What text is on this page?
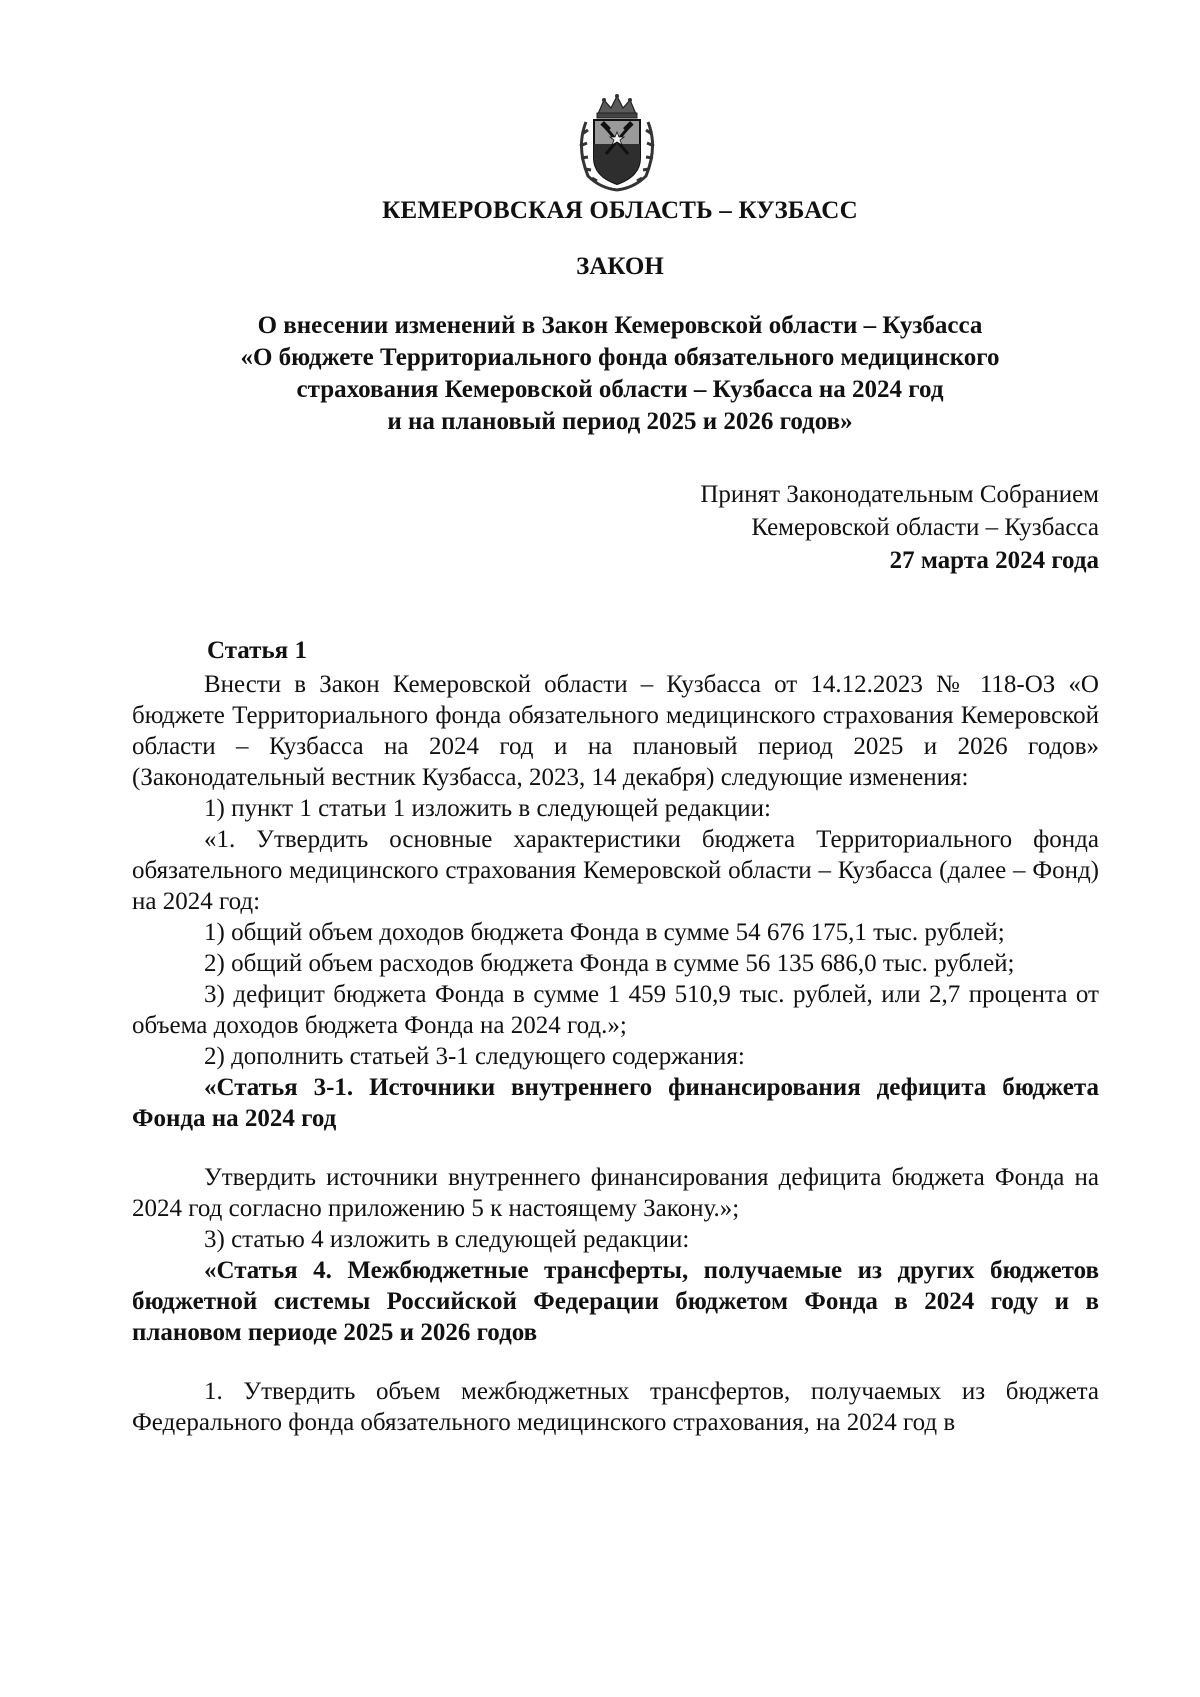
КЕМЕРОВСКАЯ ОБЛАСТЬ – КУЗБАСС
ЗАКОН
О внесении изменений в Закон Кемеровской области – Кузбасса
«О бюджете Территориального фонда обязательного медицинского
страхования Кемеровской области – Кузбасса на 2024 год
и на плановый период 2025 и 2026 годов»
Принят Законодательным Собранием
Кемеровской области – Кузбасса
27 марта 2024 года
Статья 1

Внести в Закон Кемеровской области – Кузбасса от 14.12.2023 № 118-ОЗ «О бюджете Территориального фонда обязательного медицинского страхования Кемеровской области – Кузбасса на 2024 год и на плановый период 2025 и 2026 годов» (Законодательный вестник Кузбасса, 2023, 14 декабря) следующие изменения:

1) пункт 1 статьи 1 изложить в следующей редакции:

«1. Утвердить основные характеристики бюджета Территориального фонда обязательного медицинского страхования Кемеровской области – Кузбасса (далее – Фонд) на 2024 год:

1) общий объем доходов бюджета Фонда в сумме 54 676 175,1 тыс. рублей;

2) общий объем расходов бюджета Фонда в сумме 56 135 686,0 тыс. рублей;

3) дефицит бюджета Фонда в сумме 1 459 510,9 тыс. рублей, или 2,7 процента от объема доходов бюджета Фонда на 2024 год.»;

2) дополнить статьей 3-1 следующего содержания:

«Статья 3-1. Источники внутреннего финансирования дефицита бюджета Фонда на 2024 год

Утвердить источники внутреннего финансирования дефицита бюджета Фонда на 2024 год согласно приложению 5 к настоящему Закону.»;

3) статью 4 изложить в следующей редакции:

«Статья 4. Межбюджетные трансферты, получаемые из других бюджетов бюджетной системы Российской Федерации бюджетом Фонда в 2024 году и в плановом периоде 2025 и 2026 годов

1. Утвердить объем межбюджетных трансфертов, получаемых из бюджета Федерального фонда обязательного медицинского страхования, на 2024 год в
